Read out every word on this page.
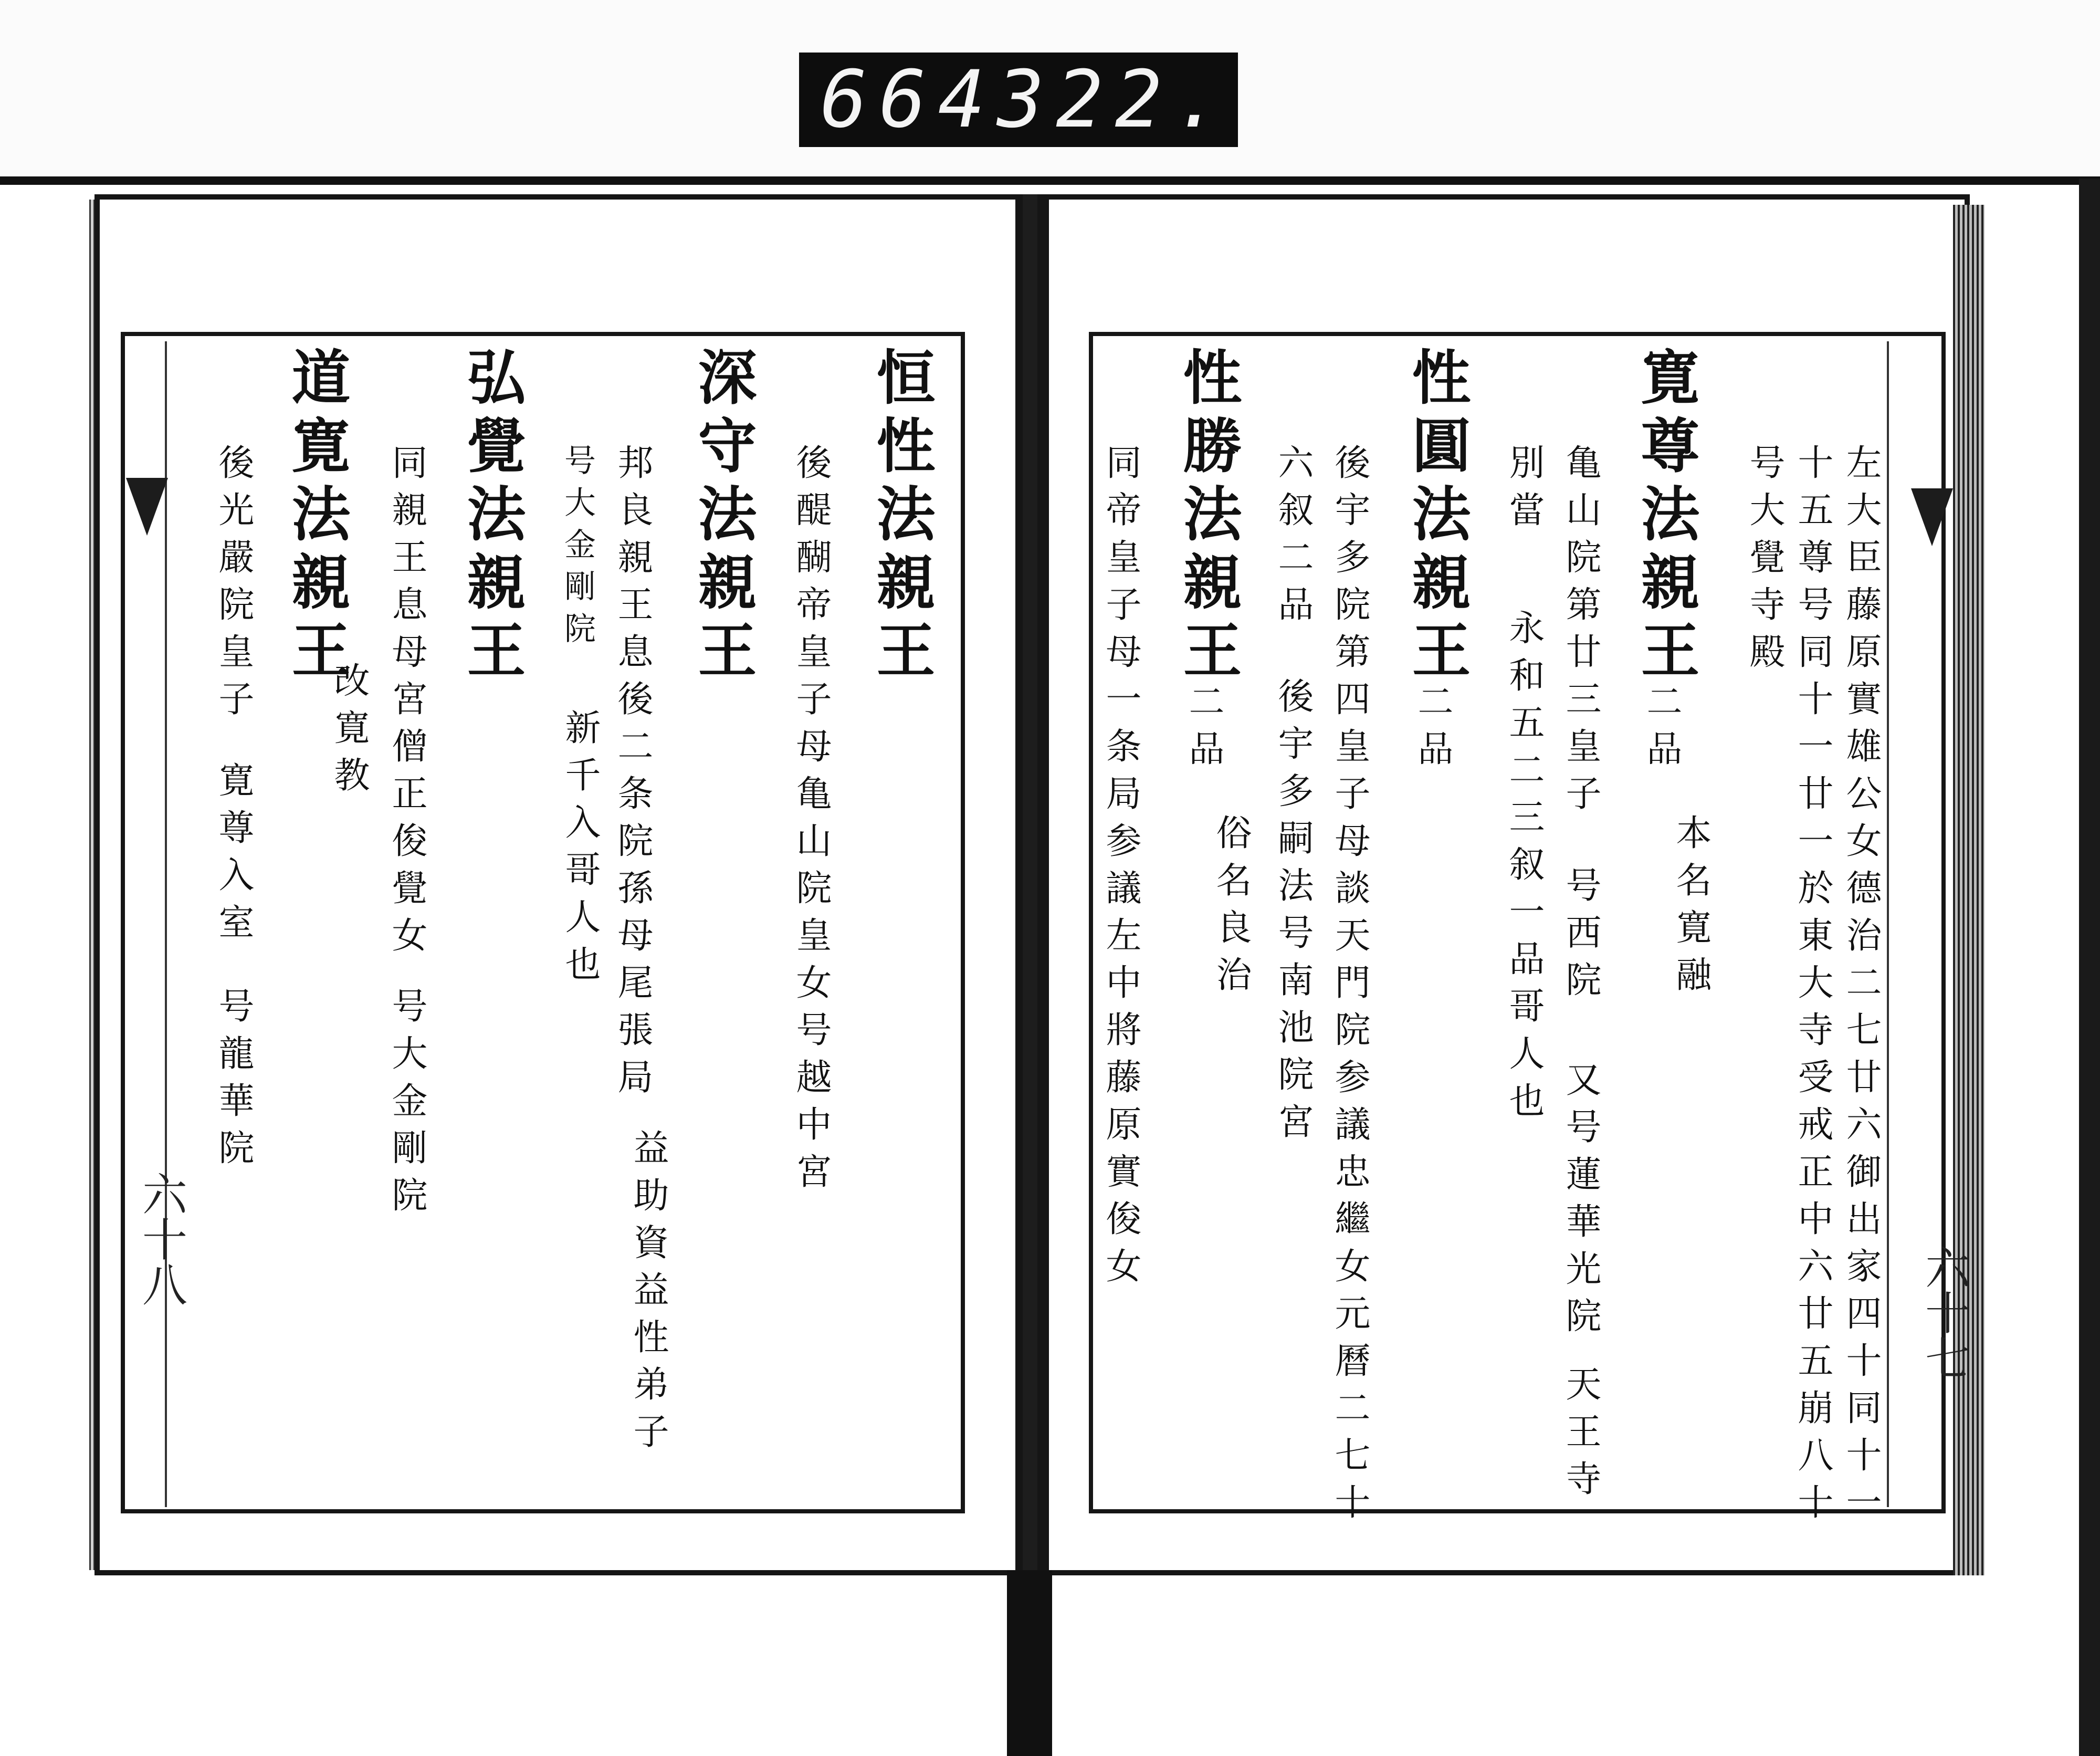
664 322.
六十八
六十七
左大臣藤原實雄公女德治二七廿六御出家四十同十一
十五尊号同十一廿一於東大寺受戒正中六廿五崩八十
号大覺寺殿
寛尊法親王
二品
本名寛融
亀山院第廿三皇子
号西院
又号蓮華光院
天王寺
別當
永和五二三叙一品哥人也
性圓法親王
二品
後宇多院第四皇子母談天門院参議忠繼女元曆二七十
六叙二品
後宇多嗣法
号南池院宮
性勝法親王
二品
俗名良治
同帝皇子母一条局参議左中將藤原實俊女
恒性法親王
後醍醐帝皇子母亀山院皇女号越中宮
深守法親王
邦良親王息後二条院孫母尾張局
益助資益性弟子
号大金剛院
新千入哥人也
弘覺法親王
同親王息母宮僧正俊覺女
号大金剛院
改寛教
道寛法親王
後光嚴院皇子
寛尊入室
号龍華院
